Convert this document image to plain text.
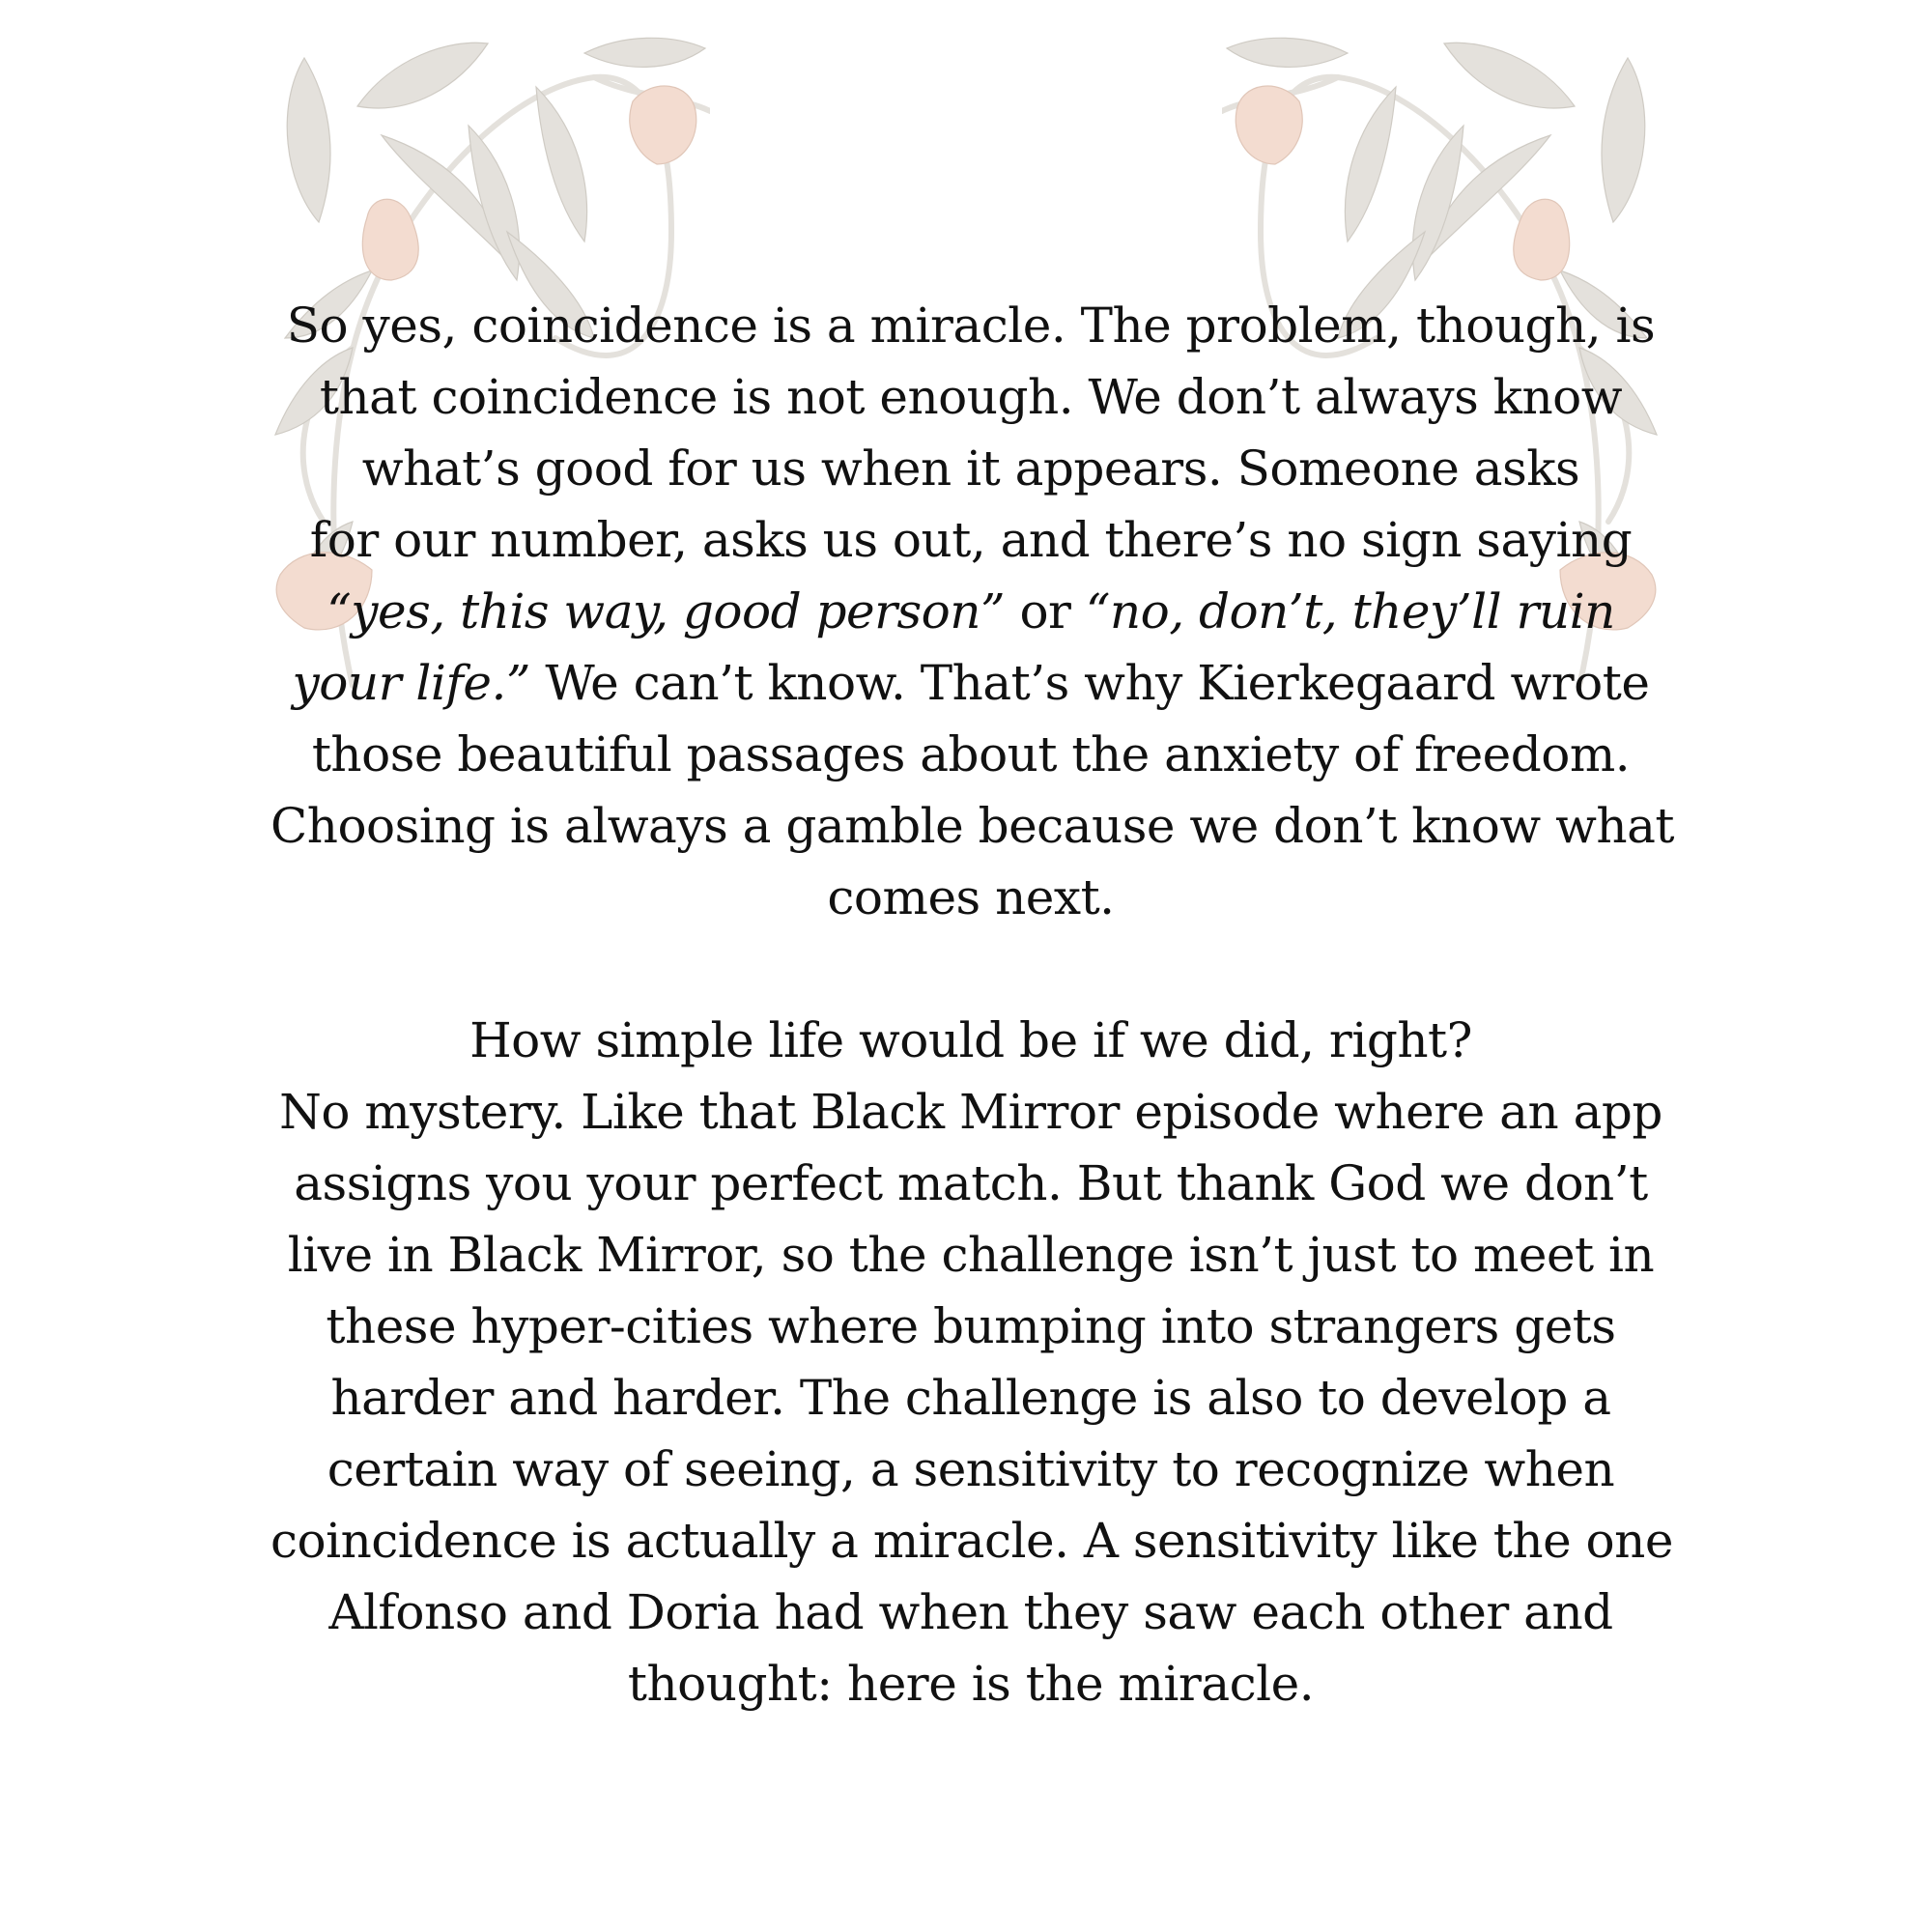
So yes, coincidence is a miracle. The problem, though, is
that coincidence is not enough. We don’t always know
what’s good for us when it appears. Someone asks
for our number, asks us out, and there’s no sign saying
“yes, this way, good person” or “no, don’t, they’ll ruin
your life.” We can’t know. That’s why Kierkegaard wrote
those beautiful passages about the anxiety of freedom.
Choosing is always a gamble because we don’t know what
comes next.

How simple life would be if we did, right?
No mystery. Like that Black Mirror episode where an app
assigns you your perfect match. But thank God we don’t
live in Black Mirror, so the challenge isn’t just to meet in
these hyper-cities where bumping into strangers gets
harder and harder. The challenge is also to develop a
certain way of seeing, a sensitivity to recognize when
coincidence is actually a miracle. A sensitivity like the one
Alfonso and Doria had when they saw each other and
thought: here is the miracle.
